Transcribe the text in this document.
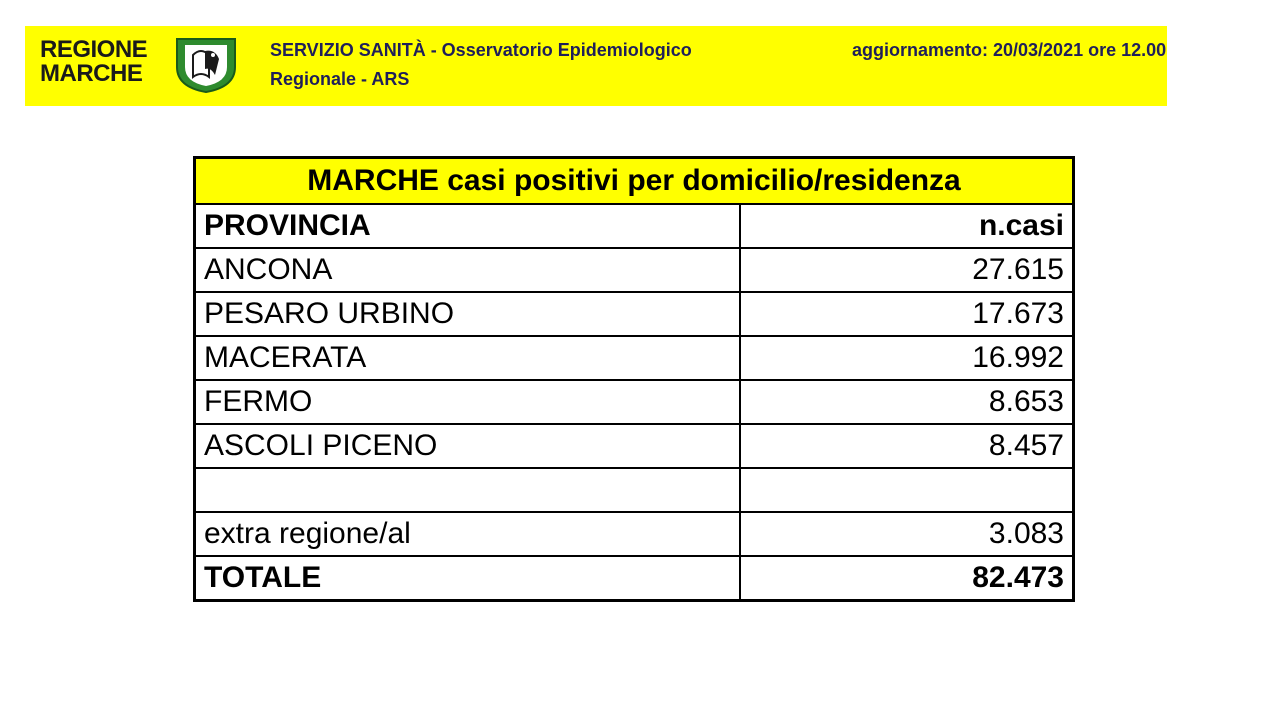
REGIONE
MARCHE
SERVIZIO SANITÀ - Osservatorio Epidemiologico
Regionale - ARS
aggiornamento: 20/03/2021 ore 12.00
MARCHE casi positivi per domicilio/residenza	
PROVINCIA	n.casi
ANCONA	27.615
PESARO URBINO	17.673
MACERATA	16.992
FERMO	8.653
ASCOLI PICENO	8.457

extra regione/al	3.083
TOTALE	82.473
